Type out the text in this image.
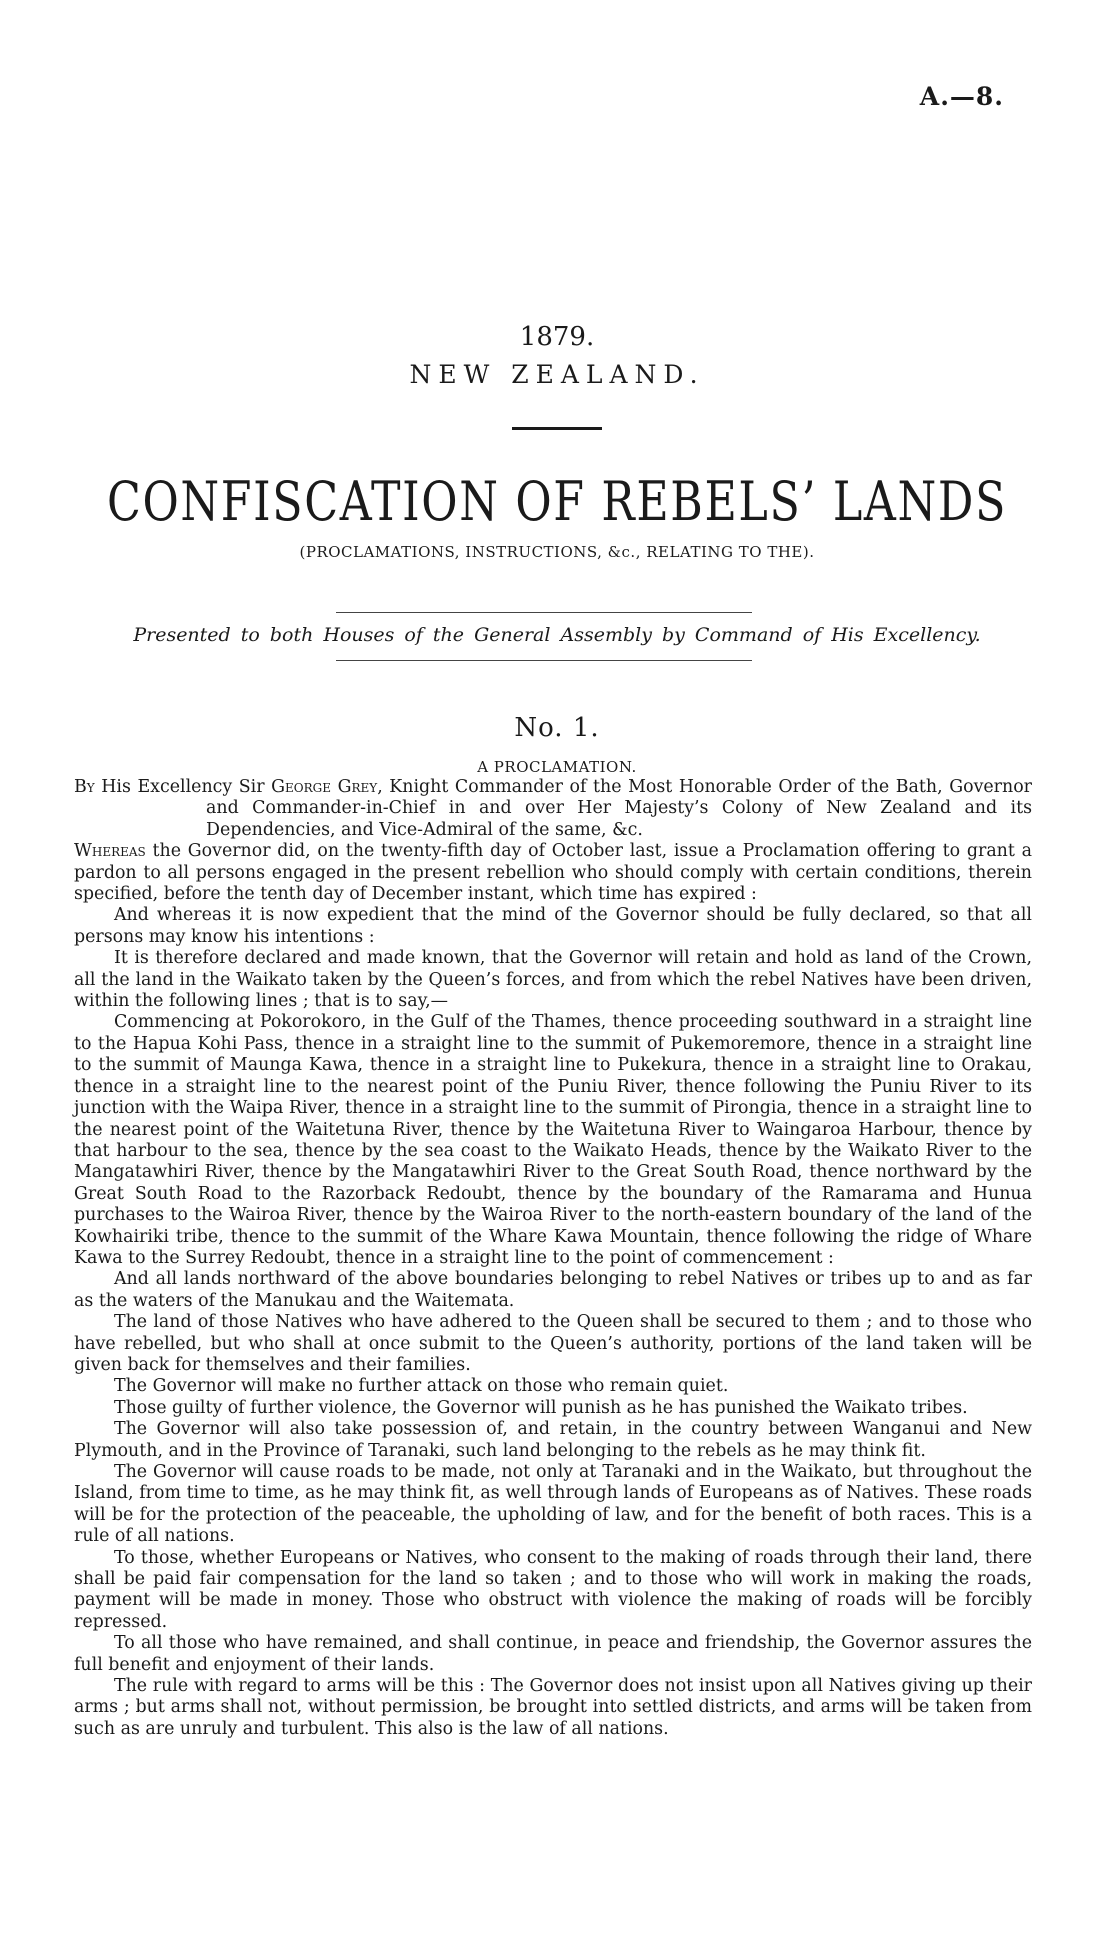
A.—8.
1879.
NEW ZEALAND.
CONFISCATION OF REBELS’ LANDS
(PROCLAMATIONS, INSTRUCTIONS, &c., RELATING TO THE).
Presented to both Houses of the General Assembly by Command of His Excellency.
No. 1.
A PROCLAMATION.

By His Excellency Sir George Grey, Knight Commander of the Most Honorable Order of the Bath, Governor and Commander-in-Chief in and over Her Majesty’s Colony of New Zealand and its Dependencies, and Vice-Admiral of the same, &c.

Whereas the Governor did, on the twenty-fifth day of October last, issue a Proclamation offering to grant a pardon to all persons engaged in the present rebellion who should comply with certain conditions, therein specified, before the tenth day of December instant, which time has expired :

And whereas it is now expedient that the mind of the Governor should be fully declared, so that all persons may know his intentions :

It is therefore declared and made known, that the Governor will retain and hold as land of the Crown, all the land in the Waikato taken by the Queen’s forces, and from which the rebel Natives have been driven, within the following lines ; that is to say,—

Commencing at Pokorokoro, in the Gulf of the Thames, thence proceeding southward in a straight line to the Hapua Kohi Pass, thence in a straight line to the summit of Pukemoremore, thence in a straight line to the summit of Maunga Kawa, thence in a straight line to Pukekura, thence in a straight line to Orakau, thence in a straight line to the nearest point of the Puniu River, thence following the Puniu River to its junction with the Waipa River, thence in a straight line to the summit of Pirongia, thence in a straight line to the nearest point of the Waitetuna River, thence by the Waitetuna River to Waingaroa Harbour, thence by that harbour to the sea, thence by the sea coast to the Waikato Heads, thence by the Waikato River to the Mangatawhiri River, thence by the Mangatawhiri River to the Great South Road, thence northward by the Great South Road to the Razorback Redoubt, thence by the boundary of the Ramarama and Hunua purchases to the Wairoa River, thence by the Wairoa River to the north-eastern boundary of the land of the Kowhairiki tribe, thence to the summit of the Whare Kawa Mountain, thence following the ridge of Whare Kawa to the Surrey Redoubt, thence in a straight line to the point of commencement :

And all lands northward of the above boundaries belonging to rebel Natives or tribes up to and as far as the waters of the Manukau and the Waitemata.

The land of those Natives who have adhered to the Queen shall be secured to them ; and to those who have rebelled, but who shall at once submit to the Queen’s authority, portions of the land taken will be given back for themselves and their families.

The Governor will make no further attack on those who remain quiet.

Those guilty of further violence, the Governor will punish as he has punished the Waikato tribes.

The Governor will also take possession of, and retain, in the country between Wanganui and New Plymouth, and in the Province of Taranaki, such land belonging to the rebels as he may think fit.

The Governor will cause roads to be made, not only at Taranaki and in the Waikato, but throughout the Island, from time to time, as he may think fit, as well through lands of Europeans as of Natives. These roads will be for the protection of the peaceable, the upholding of law, and for the benefit of both races. This is a rule of all nations.

To those, whether Europeans or Natives, who consent to the making of roads through their land, there shall be paid fair compensation for the land so taken ; and to those who will work in making the roads, payment will be made in money. Those who obstruct with violence the making of roads will be forcibly repressed.

To all those who have remained, and shall continue, in peace and friendship, the Governor assures the full benefit and enjoyment of their lands.

The rule with regard to arms will be this : The Governor does not insist upon all Natives giving up their arms ; but arms shall not, without permission, be brought into settled districts, and arms will be taken from such as are unruly and turbulent. This also is the law of all nations.
